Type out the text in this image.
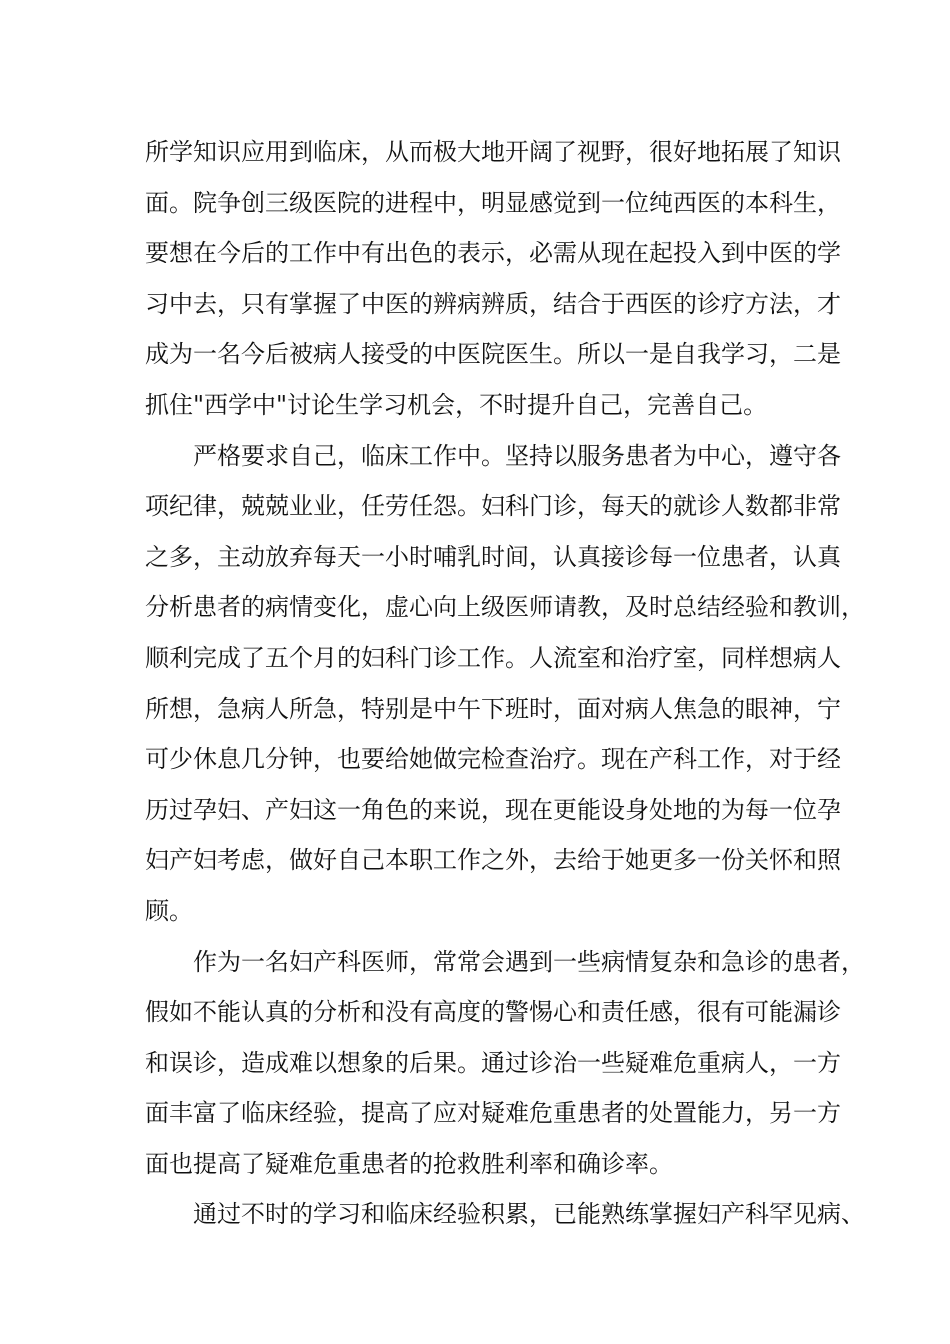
所学知识应用到临床，从而极大地开阔了视野，很好地拓展了知识
面。院争创三级医院的进程中，明显感觉到一位纯西医的本科生，
要想在今后的工作中有出色的表示，必需从现在起投入到中医的学
习中去，只有掌握了中医的辨病辨质，结合于西医的诊疗方法，才
成为一名今后被病人接受的中医院医生。所以一是自我学习，二是
抓住"西学中"讨论生学习机会，不时提升自己，完善自己。

严格要求自己，临床工作中。坚持以服务患者为中心，遵守各
项纪律，兢兢业业，任劳任怨。妇科门诊，每天的就诊人数都非常
之多，主动放弃每天一小时哺乳时间，认真接诊每一位患者，认真
分析患者的病情变化，虚心向上级医师请教，及时总结经验和教训，
顺利完成了五个月的妇科门诊工作。人流室和治疗室，同样想病人
所想，急病人所急，特别是中午下班时，面对病人焦急的眼神，宁
可少休息几分钟，也要给她做完检查治疗。现在产科工作，对于经
历过孕妇、产妇这一角色的来说，现在更能设身处地的为每一位孕
妇产妇考虑，做好自己本职工作之外，去给于她更多一份关怀和照
顾。

作为一名妇产科医师，常常会遇到一些病情复杂和急诊的患者，
假如不能认真的分析和没有高度的警惕心和责任感，很有可能漏诊
和误诊，造成难以想象的后果。通过诊治一些疑难危重病人，一方
面丰富了临床经验，提高了应对疑难危重患者的处置能力，另一方
面也提高了疑难危重患者的抢救胜利率和确诊率。

通过不时的学习和临床经验积累，已能熟练掌握妇产科罕见病、
